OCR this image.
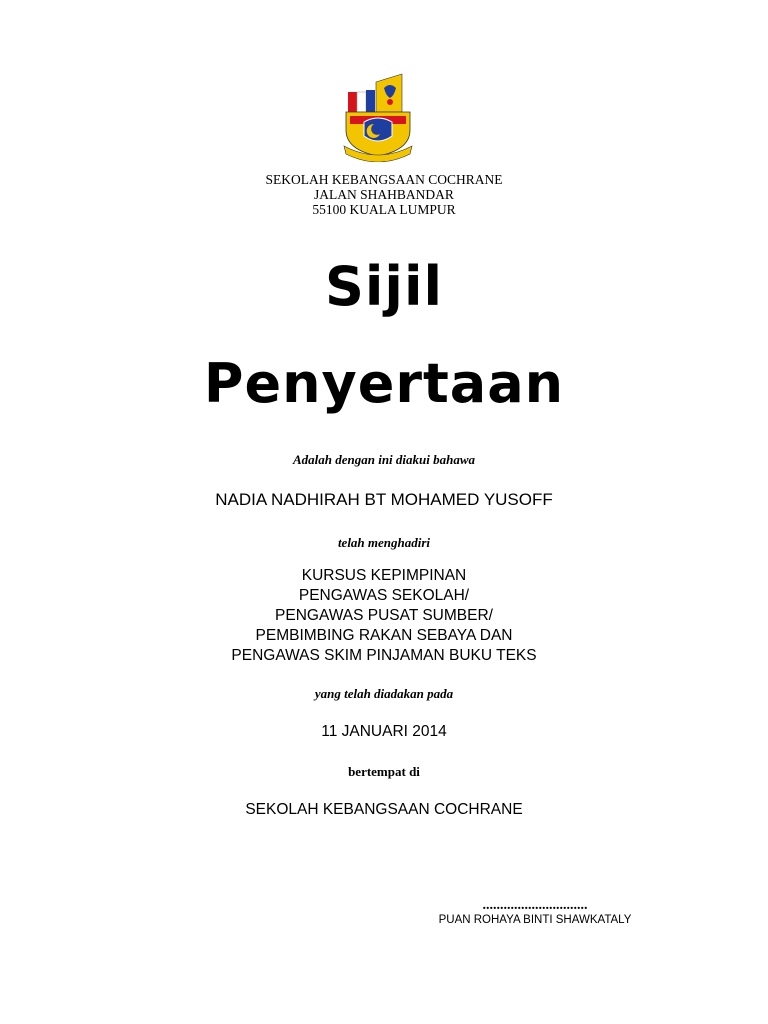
SEKOLAH KEBANGSAAN COCHRANE
JALAN SHAHBANDAR
55100 KUALA LUMPUR
Sijil
Penyertaan
Adalah dengan ini diakui bahawa
NADIA NADHIRAH BT MOHAMED YUSOFF
telah menghadiri
KURSUS KEPIMPINAN
PENGAWAS SEKOLAH/
PENGAWAS PUSAT SUMBER/
PEMBIMBING RAKAN SEBAYA DAN
PENGAWAS SKIM PINJAMAN BUKU TEKS
yang telah diadakan pada
11 JANUARI 2014
bertempat di
SEKOLAH KEBANGSAAN COCHRANE
..............................
PUAN ROHAYA BINTI SHAWKATALY
